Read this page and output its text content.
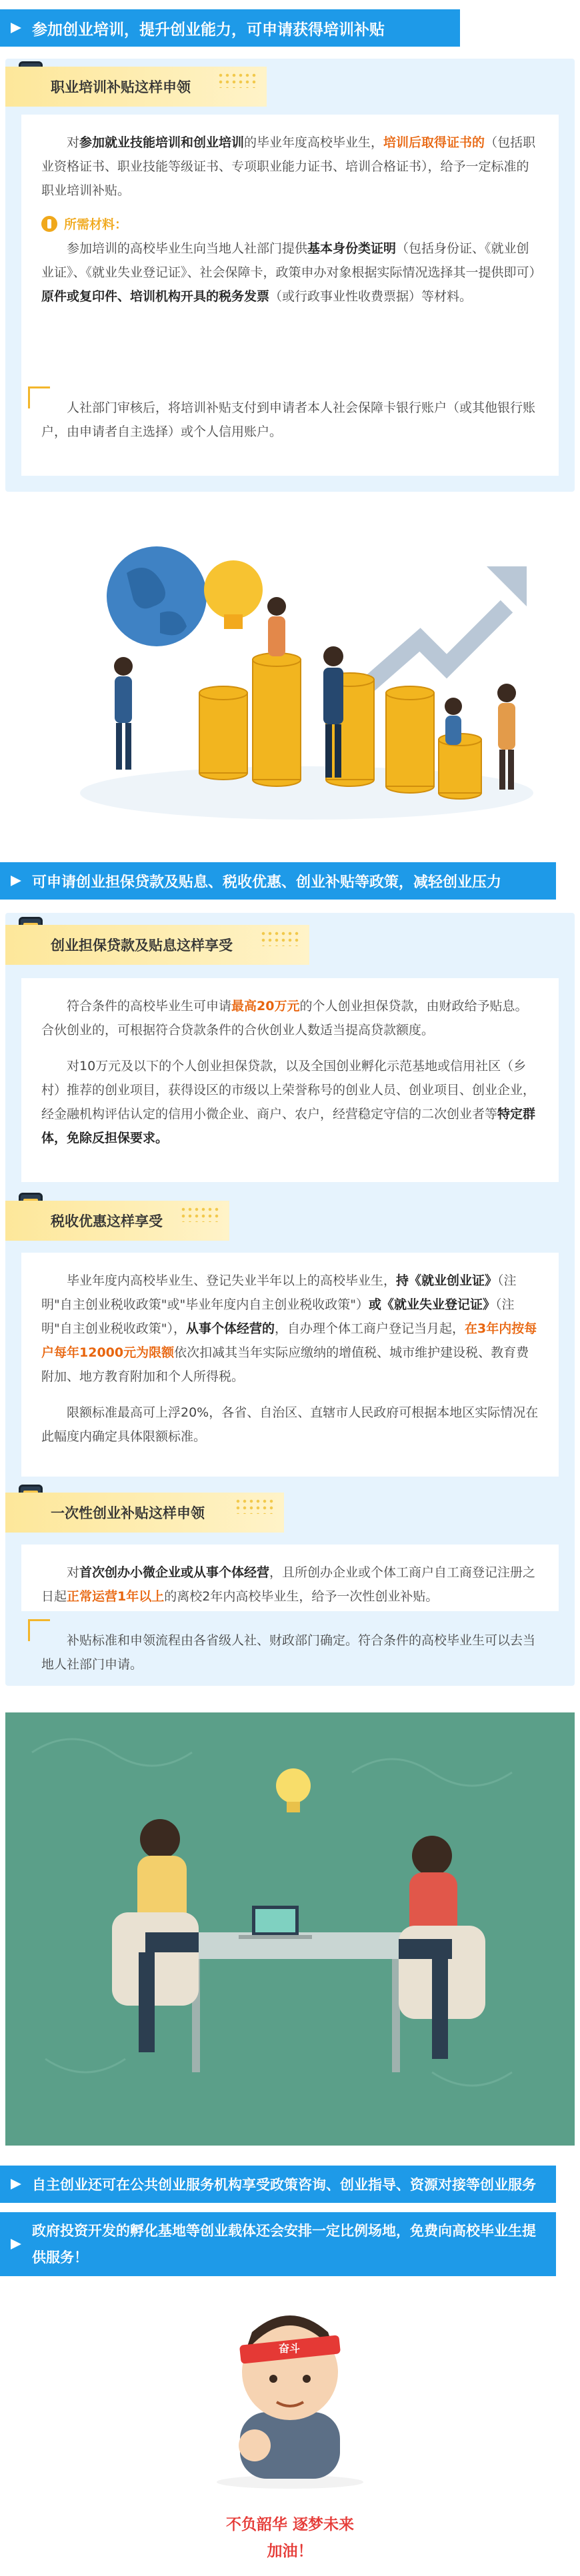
参加创业培训，提升创业能力，可申请获得培训补贴
职业培训补贴这样申领

对参加就业技能培训和创业培训的毕业年度高校毕业生，培训后取得证书的（包括职业资格证书、职业技能等级证书、专项职业能力证书、培训合格证书），给予一定标准的职业培训补贴。

所需材料：

参加培训的高校毕业生向当地人社部门提供基本身份类证明（包括身份证、《就业创业证》、《就业失业登记证》、社会保障卡，政策申办对象根据实际情况选择其一提供即可）原件或复印件、培训机构开具的税务发票（或行政事业性收费票据）等材料。

人社部门审核后，将培训补贴支付到申请者本人社会保障卡银行账户（或其他银行账户，由申请者自主选择）或个人信用账户。
可申请创业担保贷款及贴息、税收优惠、创业补贴等政策，减轻创业压力
创业担保贷款及贴息这样享受

符合条件的高校毕业生可申请最高20万元的个人创业担保贷款，由财政给予贴息。合伙创业的，可根据符合贷款条件的合伙创业人数适当提高贷款额度。

对10万元及以下的个人创业担保贷款，以及全国创业孵化示范基地或信用社区（乡村）推荐的创业项目，获得设区的市级以上荣誉称号的创业人员、创业项目、创业企业，经金融机构评估认定的信用小微企业、商户、农户，经营稳定守信的二次创业者等特定群体，免除反担保要求。

税收优惠这样享受

毕业年度内高校毕业生、登记失业半年以上的高校毕业生，持《就业创业证》（注明"自主创业税收政策"或"毕业年度内自主创业税收政策"）或《就业失业登记证》（注明"自主创业税收政策"），从事个体经营的，自办理个体工商户登记当月起，在3年内按每户每年12000元为限额依次扣减其当年实际应缴纳的增值税、城市维护建设税、教育费附加、地方教育附加和个人所得税。

限额标准最高可上浮20%，各省、自治区、直辖市人民政府可根据本地区实际情况在此幅度内确定具体限额标准。

一次性创业补贴这样申领

对首次创办小微企业或从事个体经营，且所创办企业或个体工商户自工商登记注册之日起正常运营1年以上的离校2年内高校毕业生，给予一次性创业补贴。

补贴标准和申领流程由各省级人社、财政部门确定。符合条件的高校毕业生可以去当地人社部门申请。
自主创业还可在公共创业服务机构享受政策咨询、创业指导、资源对接等创业服务
政府投资开发的孵化基地等创业载体还会安排一定比例场地，免费向高校毕业生提供服务！
奋斗
不负韶华 逐梦未来
加油！
